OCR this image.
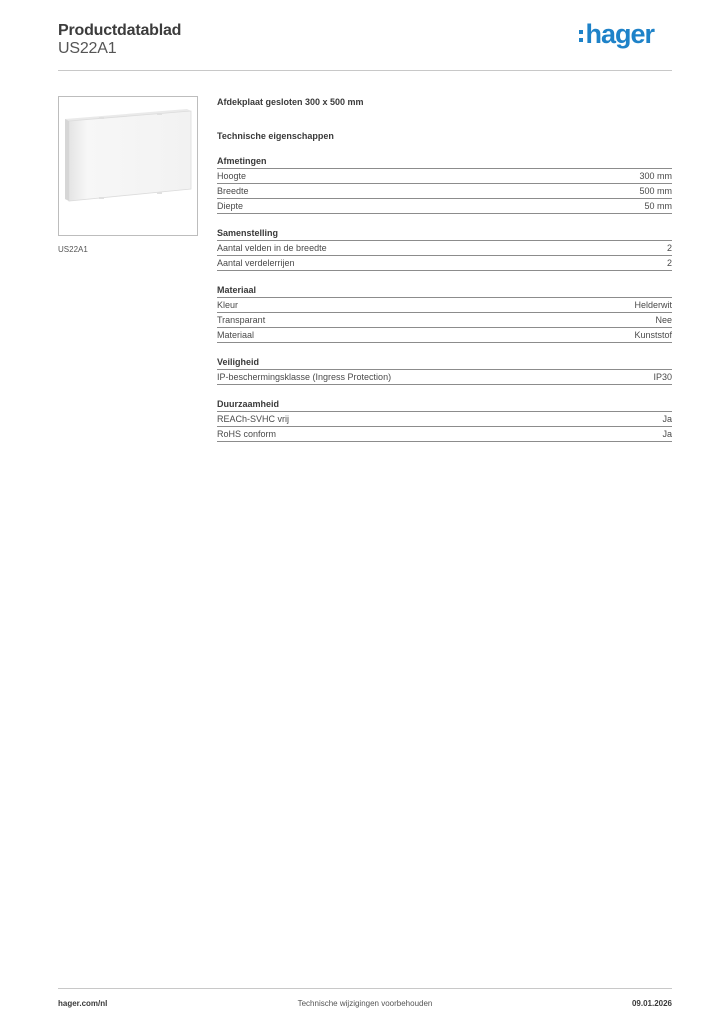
Productdatablad
US22A1	hager
US22A1
Afdekplaat gesloten 300 x 500 mm
Technische eigenschappen
Afmetingen
Hoogte	300 mm
Breedte	500 mm
Diepte	50 mm
Samenstelling
Aantal velden in de breedte	2
Aantal verdelerrijen	2
Materiaal
Kleur	Helderwit
Transparant	Nee
Materiaal	Kunststof
Veiligheid
IP-beschermingsklasse (Ingress Protection)	IP30
Duurzaamheid
REACh-SVHC vrij	Ja
RoHS conform	Ja
hager.com/nl	Technische wijzigingen voorbehouden	09.01.2026
